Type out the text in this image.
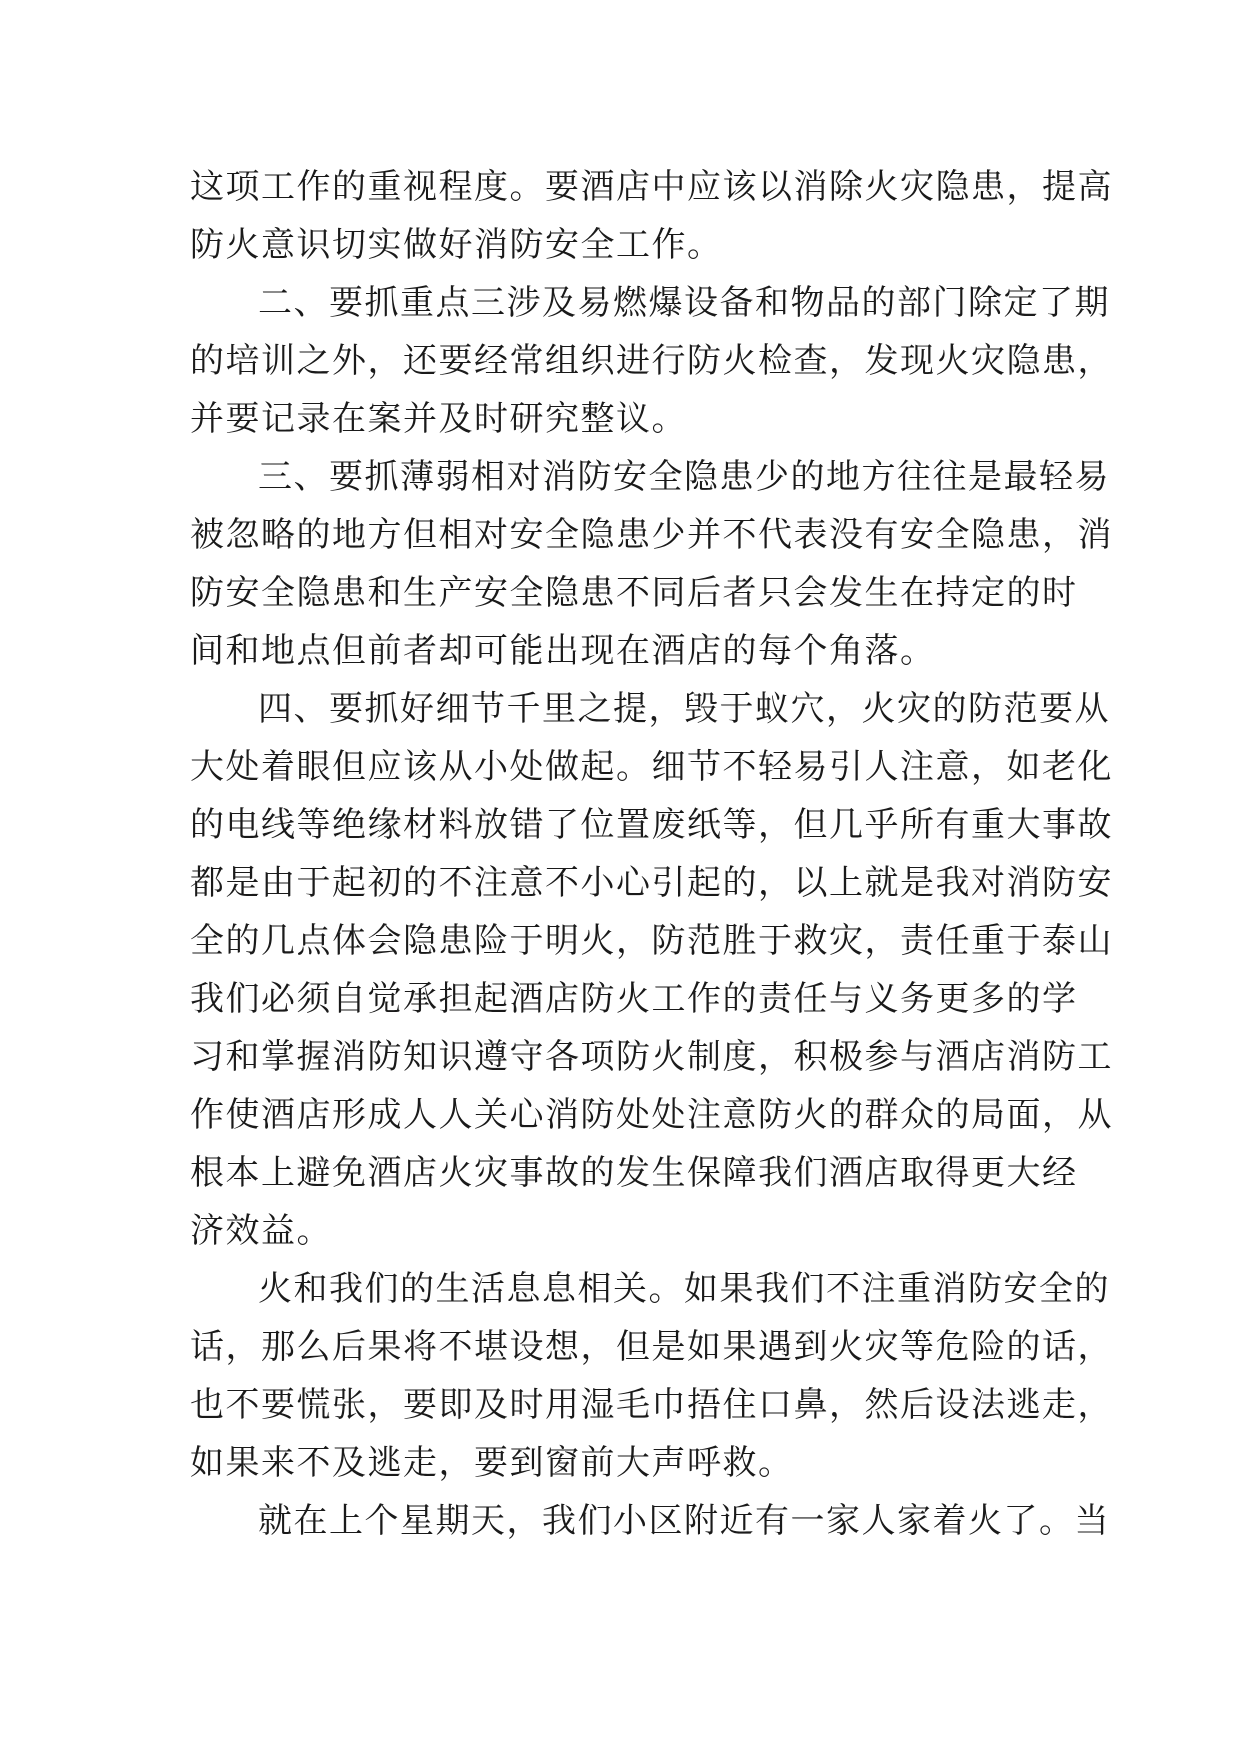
这项工作的重视程度。要酒店中应该以消除火灾隐患，提高
防火意识切实做好消防安全工作。
二、要抓重点三涉及易燃爆设备和物品的部门除定了期
的培训之外，还要经常组织进行防火检查，发现火灾隐患，
并要记录在案并及时研究整议。
三、要抓薄弱相对消防安全隐患少的地方往往是最轻易
被忽略的地方但相对安全隐患少并不代表没有安全隐患，消
防安全隐患和生产安全隐患不同后者只会发生在持定的时
间和地点但前者却可能出现在酒店的每个角落。
四、要抓好细节千里之提，毁于蚁穴，火灾的防范要从
大处着眼但应该从小处做起。细节不轻易引人注意，如老化
的电线等绝缘材料放错了位置废纸等，但几乎所有重大事故
都是由于起初的不注意不小心引起的，以上就是我对消防安
全的几点体会隐患险于明火，防范胜于救灾，责任重于泰山
我们必须自觉承担起酒店防火工作的责任与义务更多的学
习和掌握消防知识遵守各项防火制度，积极参与酒店消防工
作使酒店形成人人关心消防处处注意防火的群众的局面，从
根本上避免酒店火灾事故的发生保障我们酒店取得更大经
济效益。
火和我们的生活息息相关。如果我们不注重消防安全的
话，那么后果将不堪设想，但是如果遇到火灾等危险的话，
也不要慌张，要即及时用湿毛巾捂住口鼻，然后设法逃走，
如果来不及逃走，要到窗前大声呼救。
就在上个星期天，我们小区附近有一家人家着火了。当
